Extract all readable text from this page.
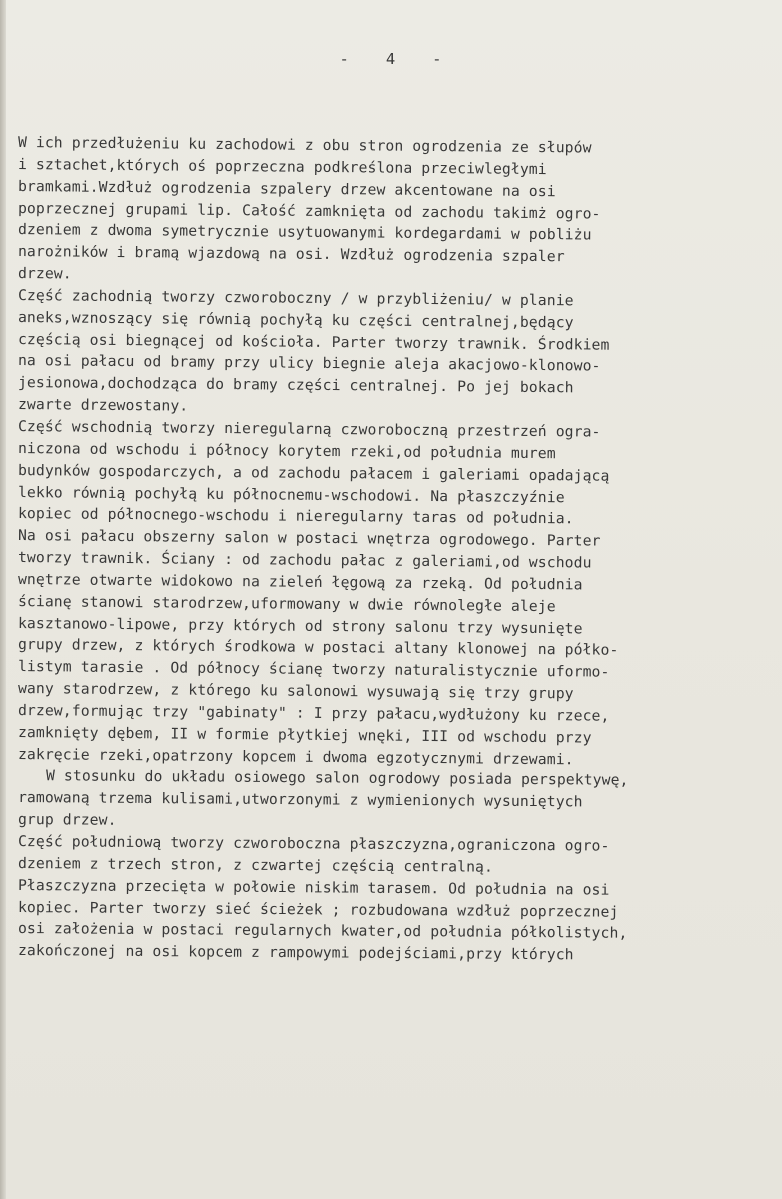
- 4 -
W ich przedłużeniu ku zachodowi z obu stron ogrodzenia ze słupów
i sztachet,których oś poprzeczna podkreślona przeciwległymi
bramkami.Wzdłuż ogrodzenia szpalery drzew akcentowane na osi
poprzecznej grupami lip. Całość zamknięta od zachodu takimż ogro-
dzeniem z dwoma symetrycznie usytuowanymi kordegardami w pobliżu
narożników i bramą wjazdową na osi. Wzdłuż ogrodzenia szpaler
drzew.
Część zachodnią tworzy czworoboczny / w przybliżeniu/ w planie
aneks,wznoszący się równią pochyłą ku części centralnej,będący
częścią osi biegnącej od kościoła. Parter tworzy trawnik. Środkiem
na osi pałacu od bramy przy ulicy biegnie aleja akacjowo-klonowo-
jesionowa,dochodząca do bramy części centralnej. Po jej bokach
zwarte drzewostany.
Część wschodnią tworzy nieregularną czworoboczną przestrzeń ogra-
niczona od wschodu i północy korytem rzeki,od południa murem
budynków gospodarczych, a od zachodu pałacem i galeriami opadającą
lekko równią pochyłą ku północnemu-wschodowi. Na płaszczyźnie
kopiec od północnego-wschodu i nieregularny taras od południa.
Na osi pałacu obszerny salon w postaci wnętrza ogrodowego. Parter
tworzy trawnik. Ściany : od zachodu pałac z galeriami,od wschodu
wnętrze otwarte widokowo na zieleń łęgową za rzeką. Od południa
ścianę stanowi starodrzew,uformowany w dwie równoległe aleje
kasztanowo-lipowe, przy których od strony salonu trzy wysunięte
grupy drzew, z których środkowa w postaci altany klonowej na półko-
listym tarasie . Od północy ścianę tworzy naturalistycznie uformo-
wany starodrzew, z którego ku salonowi wysuwają się trzy grupy
drzew,formując trzy "gabinaty" : I przy pałacu,wydłużony ku rzece,
zamknięty dębem, II w formie płytkiej wnęki, III od wschodu przy
zakręcie rzeki,opatrzony kopcem i dwoma egzotycznymi drzewami.
W stosunku do układu osiowego salon ogrodowy posiada perspektywę,
ramowaną trzema kulisami,utworzonymi z wymienionych wysuniętych
grup drzew.
Część południową tworzy czworoboczna płaszczyzna,ograniczona ogro-
dzeniem z trzech stron, z czwartej częścią centralną.
Płaszczyzna przecięta w połowie niskim tarasem. Od południa na osi
kopiec. Parter tworzy sieć ścieżek ; rozbudowana wzdłuż poprzecznej
osi założenia w postaci regularnych kwater,od południa półkolistych,
zakończonej na osi kopcem z rampowymi podejściami,przy których
